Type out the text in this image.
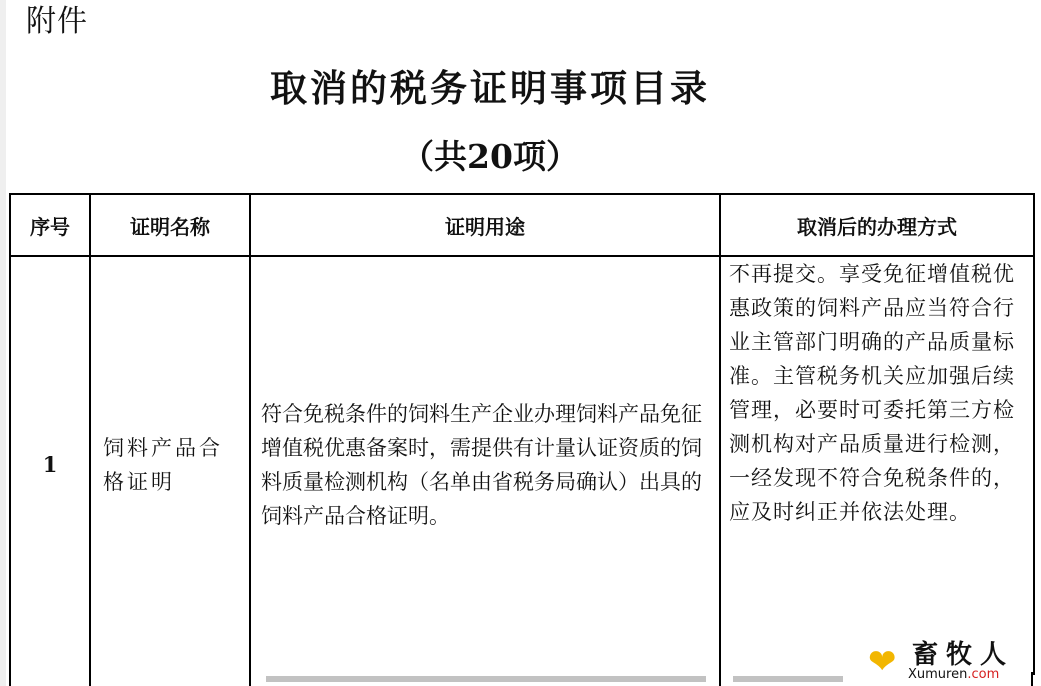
附件
取消的税务证明事项目录
（共20项）
序号	证明名称	证明用途	取消后的办理方式
1	饲料产品合格证明	符合免税条件的饲料生产企业办理饲料产品免征增值税优惠备案时，需提供有计量认证资质的饲料质量检测机构（名单由省税务局确认）出具的饲料产品合格证明。	不再提交。享受免征增值税优惠政策的饲料产品应当符合行业主管部门明确的产品质量标准。主管税务机关应加强后续管理，必要时可委托第三方检测机构对产品质量进行检测，一经发现不符合免税条件的，应及时纠正并依法处理。
❤ 畜牧人
Xumuren.com
